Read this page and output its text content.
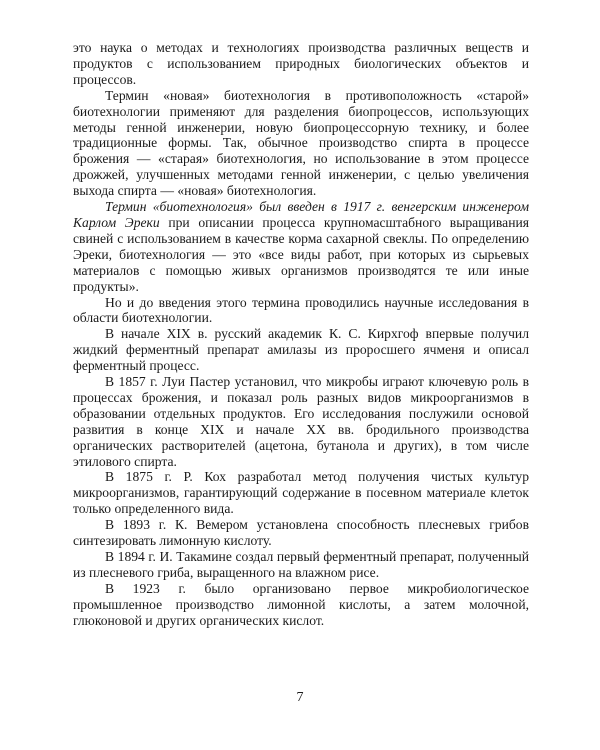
это наука о методах и технологиях производства различных веществ и продуктов с использованием природных биологических объектов и процессов.

Термин «новая» биотехнология в противоположность «старой» биотехнологии применяют для разделения биопроцессов, использующих методы генной инженерии, новую биопроцессорную технику, и более традиционные формы. Так, обычное производство спирта в процессе брожения — «старая» биотехнология, но использование в этом процессе дрожжей, улучшенных методами генной инженерии, с целью увеличения выхода спирта — «новая» биотехнология.

Термин «биотехнология» был введен в 1917 г. венгерским инженером Карлом Эреки при описании процесса крупномасштабного выращивания свиней с использованием в качестве корма сахарной свеклы. По определению Эреки, биотехнология — это «все виды работ, при которых из сырьевых материалов с помощью живых организмов производятся те или иные продукты».

Но и до введения этого термина проводились научные исследования в области биотехнологии.

В начале XIX в. русский академик К. С. Кирхгоф впервые получил жидкий ферментный препарат амилазы из проросшего ячменя и описал ферментный процесс.

В 1857 г. Луи Пастер установил, что микробы играют ключевую роль в процессах брожения, и показал роль разных видов микроорганизмов в образовании отдельных продуктов. Его исследования послужили основой развития в конце XIX и начале XX вв. бродильного производства органических растворителей (ацетона, бутанола и других), в том числе этилового спирта.

В 1875 г. Р. Кох разработал метод получения чистых культур микроорганизмов, гарантирующий содержание в посевном материале клеток только определенного вида.

В 1893 г. К. Вемером установлена способность плесневых грибов синтезировать лимонную кислоту.

В 1894 г. И. Такамине создал первый ферментный препарат, полученный из плесневого гриба, выращенного на влажном рисе.

В 1923 г. было организовано первое микробиологическое промышленное производство лимонной кислоты, а затем молочной, глюконовой и других органических кислот.

7
